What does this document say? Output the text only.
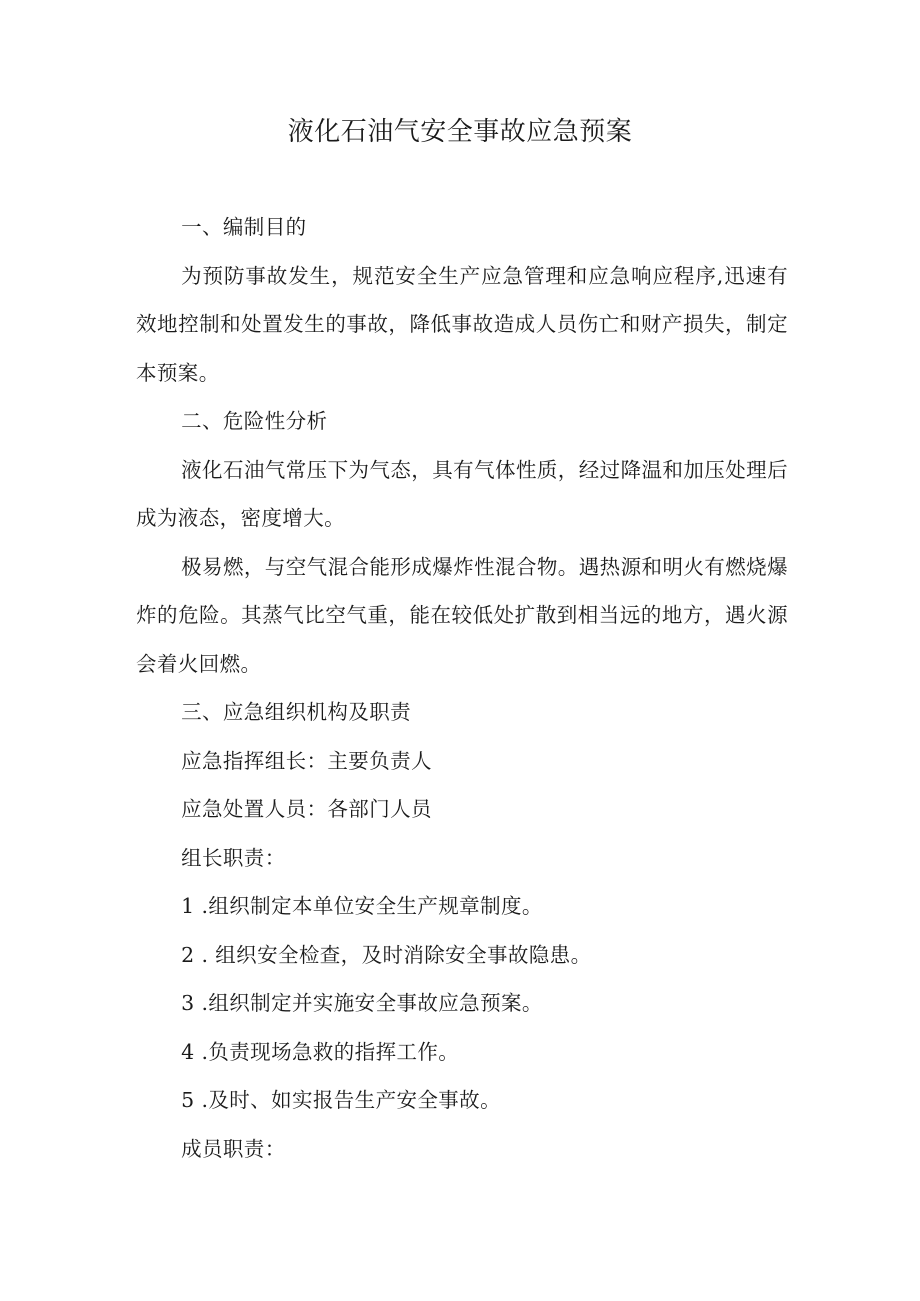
液化石油气安全事故应急预案

一、编制目的

为预防事故发生，规范安全生产应急管理和应急响应程序,迅速有效地控制和处置发生的事故，降低事故造成人员伤亡和财产损失，制定本预案。

二、危险性分析

液化石油气常压下为气态，具有气体性质，经过降温和加压处理后成为液态，密度增大。

极易燃，与空气混合能形成爆炸性混合物。遇热源和明火有燃烧爆炸的危险。其蒸气比空气重，能在较低处扩散到相当远的地方，遇火源会着火回燃。

三、应急组织机构及职责

应急指挥组长：主要负责人

应急处置人员：各部门人员

组长职责：

1 .组织制定本单位安全生产规章制度。

2 . 组织安全检查，及时消除安全事故隐患。

3 .组织制定并实施安全事故应急预案。

4 .负责现场急救的指挥工作。

5 .及时、如实报告生产安全事故。

成员职责：
